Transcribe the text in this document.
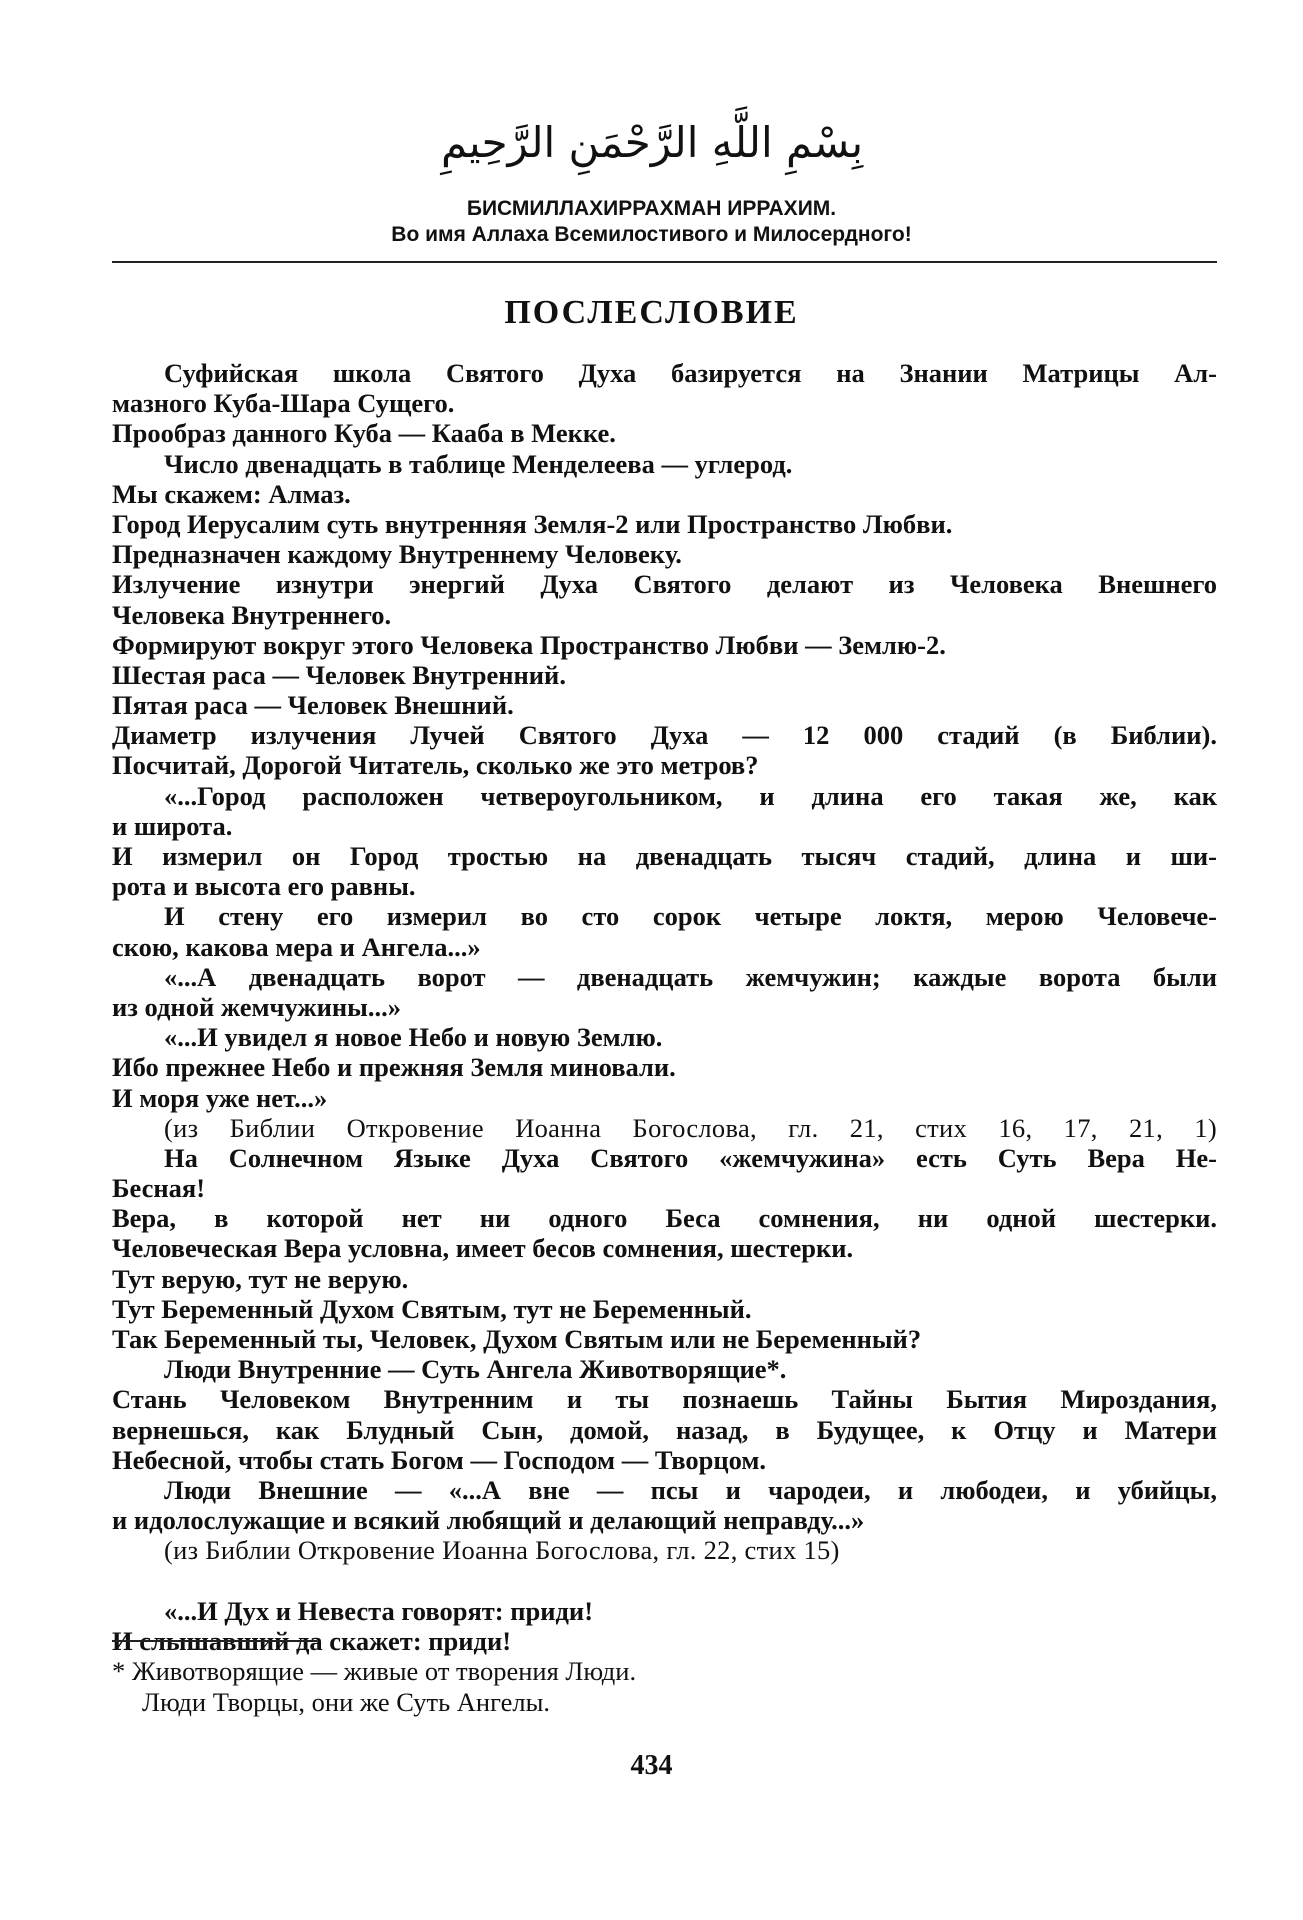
بِسْمِ اللَّهِ الرَّحْمَنِ الرَّحِيمِ
БИСМИЛЛАХИРРАХМАН ИРРАХИМ.
Во имя Аллаха Всемилостивого и Милосердного!
ПОСЛЕСЛОВИЕ
Суфийская школа Святого Духа базируется на Знании Матрицы Ал-
мазного Куба-Шара Сущего.
Прообраз данного Куба — Кааба в Мекке.
Число двенадцать в таблице Менделеева — углерод.
Мы скажем: Алмаз.
Город Иерусалим суть внутренняя Земля-2 или Пространство Любви.
Предназначен каждому Внутреннему Человеку.
Излучение изнутри энергий Духа Святого делают из Человека Внешнего
Человека Внутреннего.
Формируют вокруг этого Человека Пространство Любви — Землю-2.
Шестая раса — Человек Внутренний.
Пятая раса — Человек Внешний.
Диаметр излучения Лучей Святого Духа — 12 000 стадий (в Библии).
Посчитай, Дорогой Читатель, сколько же это метров?
«...Город расположен четвероугольником, и длина его такая же, как
и широта.
И измерил он Город тростью на двенадцать тысяч стадий, длина и ши-
рота и высота его равны.
И стену его измерил во сто сорок четыре локтя, мерою Человече-
скою, какова мера и Ангела...»
«...А двенадцать ворот — двенадцать жемчужин; каждые ворота были
из одной жемчужины...»
«...И увидел я новое Небо и новую Землю.
Ибо прежнее Небо и прежняя Земля миновали.
И моря уже нет...»
(из Библии Откровение Иоанна Богослова, гл. 21, стих 16, 17, 21, 1)
На Солнечном Языке Духа Святого «жемчужина» есть Суть Вера Не-
Бесная!
Вера, в которой нет ни одного Беса сомнения, ни одной шестерки.
Человеческая Вера условна, имеет бесов сомнения, шестерки.
Тут верую, тут не верую.
Тут Беременный Духом Святым, тут не Беременный.
Так Беременный ты, Человек, Духом Святым или не Беременный?
Люди Внутренние — Суть Ангела Животворящие*.
Стань Человеком Внутренним и ты познаешь Тайны Бытия Мироздания,
вернешься, как Блудный Сын, домой, назад, в Будущее, к Отцу и Матери
Небесной, чтобы стать Богом — Господом — Творцом.
Люди Внешние — «...А вне — псы и чародеи, и любодеи, и убийцы,
и идолослужащие и всякий любящий и делающий неправду...»
(из Библии Откровение Иоанна Богослова, гл. 22, стих 15)
«...И Дух и Невеста говорят: приди!
И слышавший да скажет: приди!
* Животворящие — живые от творения Люди.
Люди Творцы, они же Суть Ангелы.
434
